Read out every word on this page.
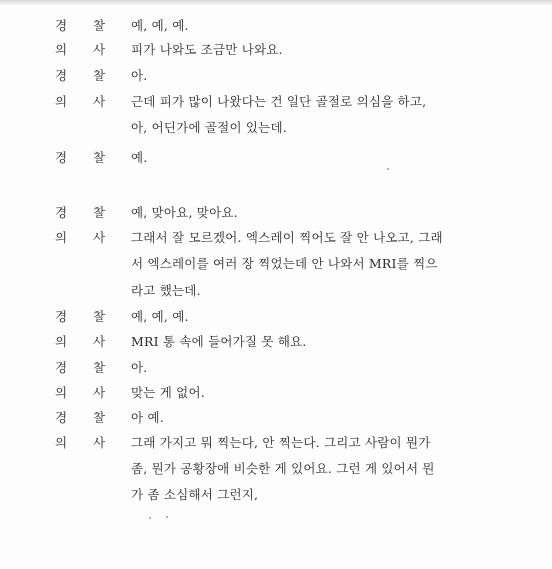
경 찰 예, 예, 예.
의 사 피가 나와도 조금만 나와요.
경 찰 아.
의 사 근데 피가 많이 나왔다는 건 일단 골절로 의심을 하고,
아, 어딘가에 골절이 있는데.
경 찰 예.
경 찰 예, 맞아요, 맞아요.
의 사 그래서 잘 모르겠어. 엑스레이 찍어도 잘 안 나오고, 그래
서 엑스레이를 여러 장 찍었는데 안 나와서 MRI를 찍으
라고 했는데.
경 찰 예, 예, 예.
의 사 MRI 통 속에 들어가질 못 해요.
경 찰 아.
의 사 맞는 게 없어.
경 찰 아 예.
의 사 그래 가지고 뭐 찍는다, 안 찍는다. 그리고 사람이 뭔가
좀, 뭔가 공황장애 비슷한 게 있어요. 그런 게 있어서 뭔
가 좀 소심해서 그런지,
